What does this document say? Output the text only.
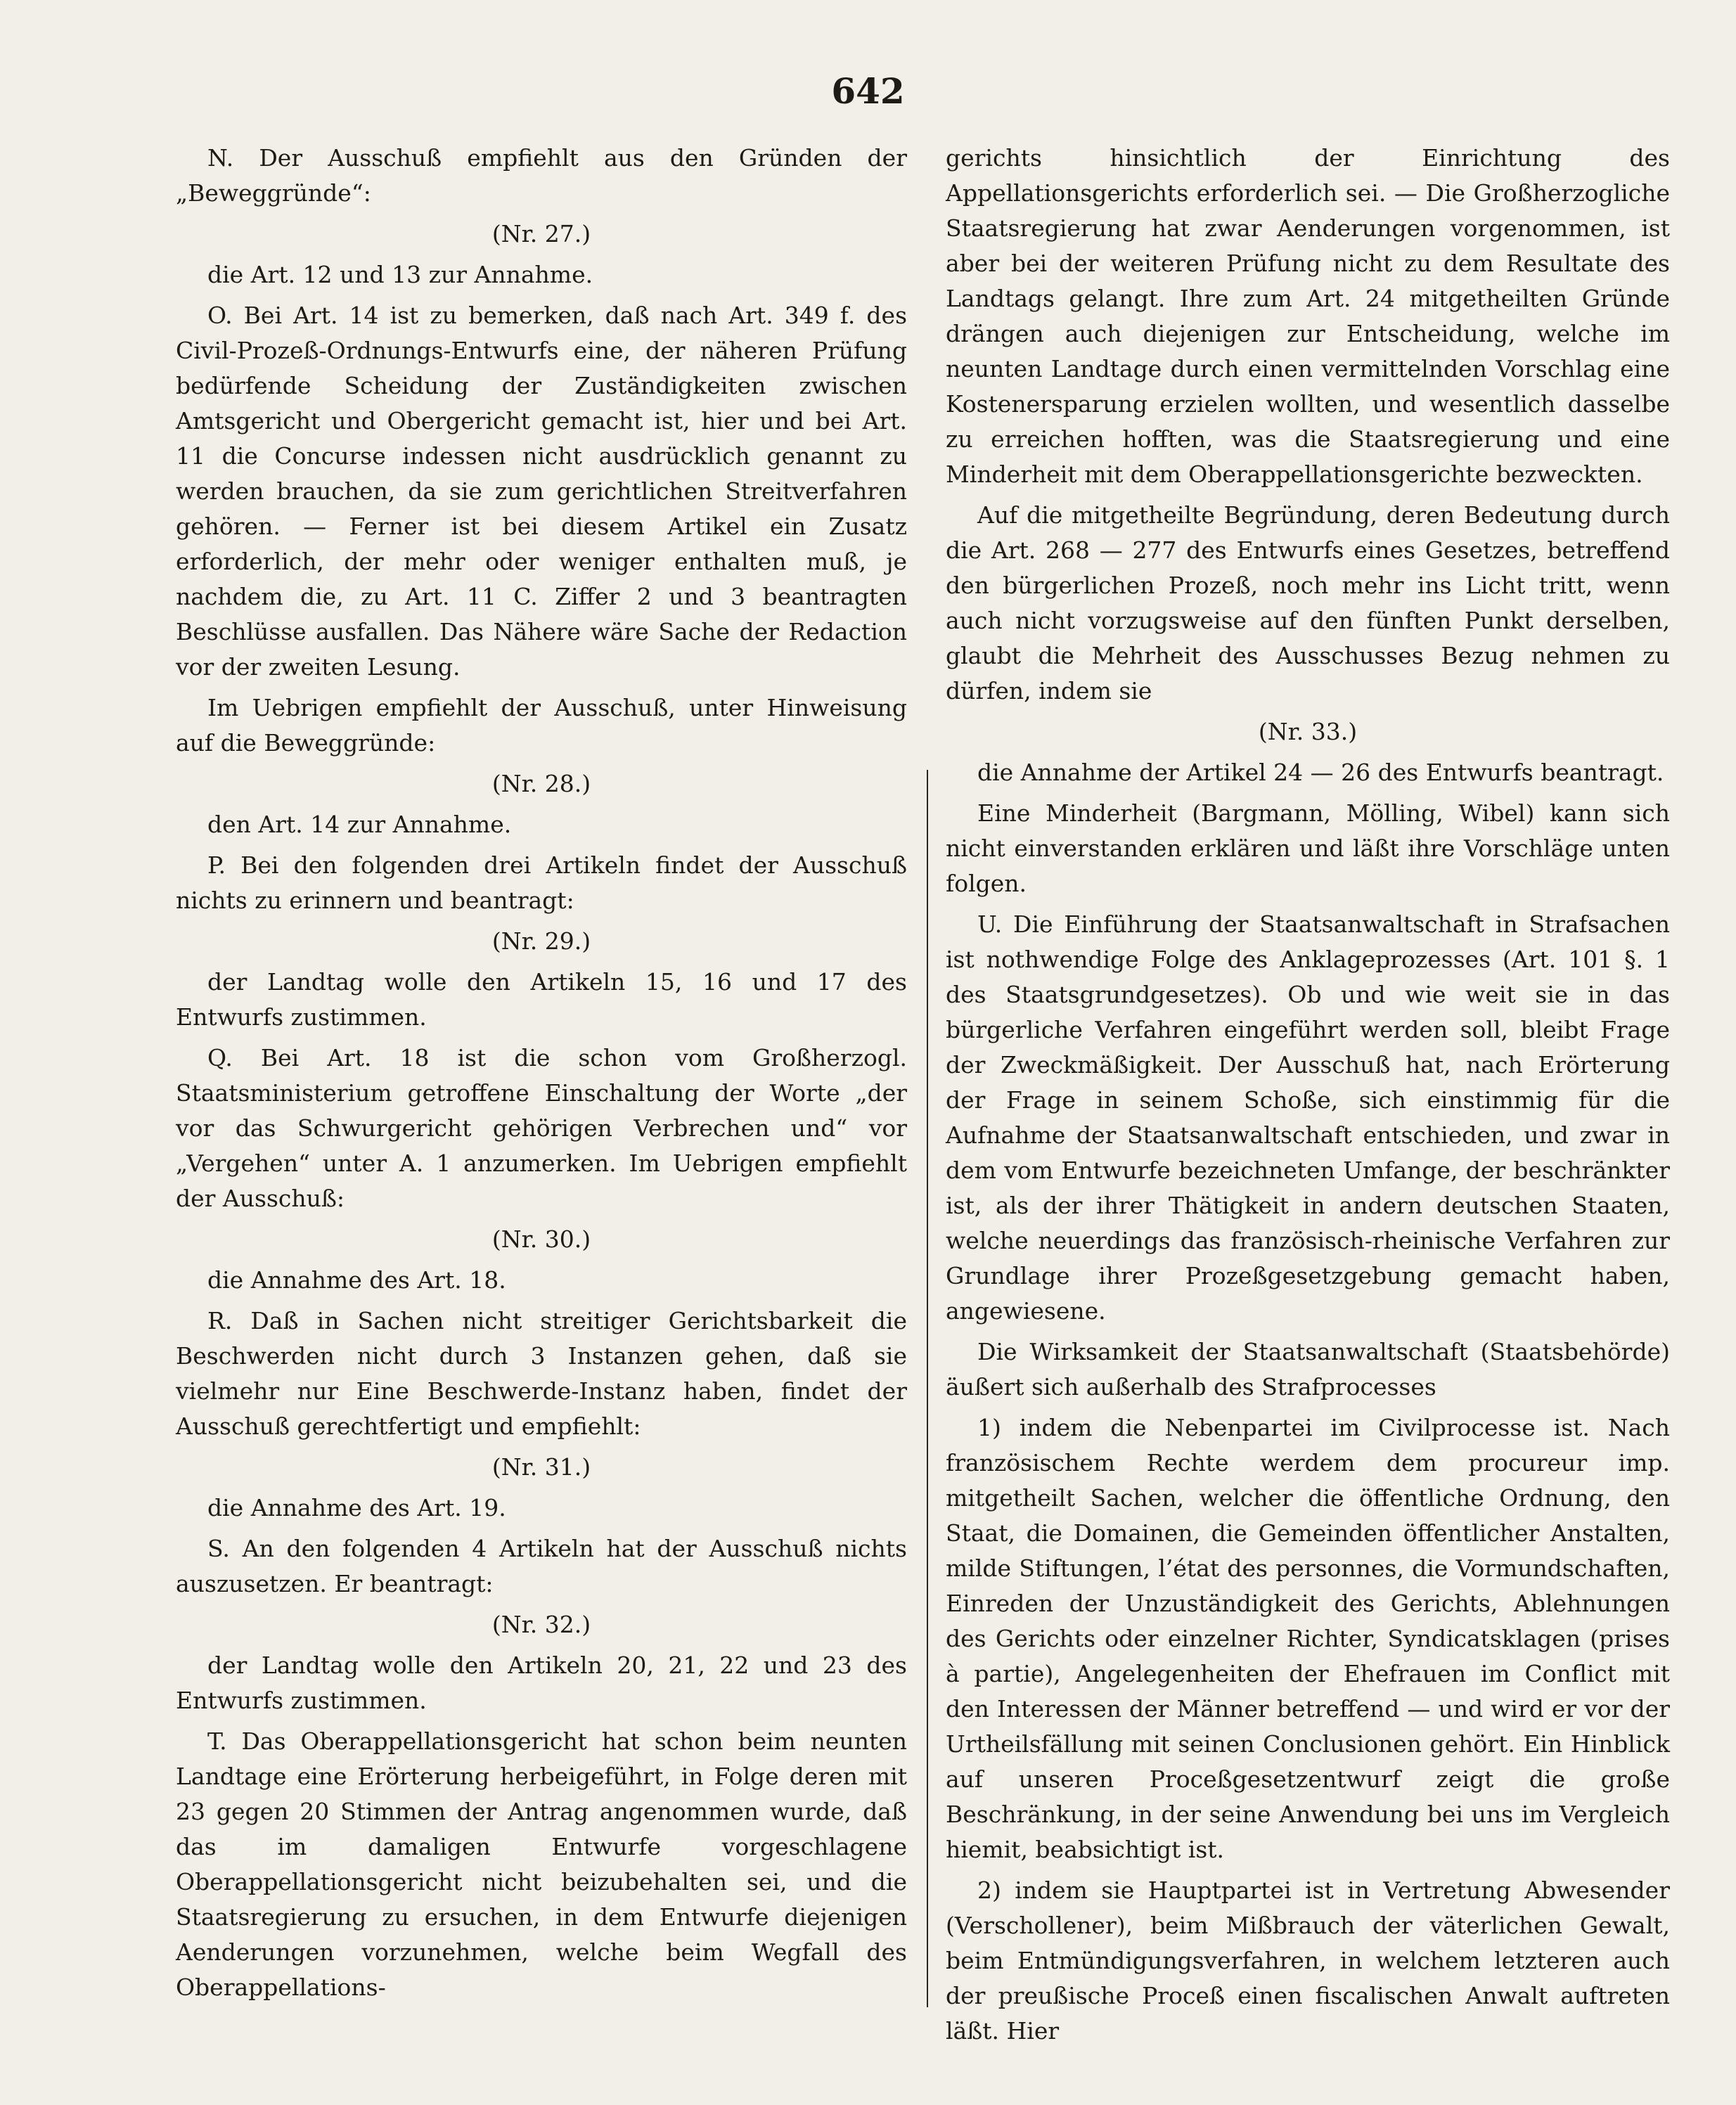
642

N. Der Ausschuß empfiehlt aus den Gründen der „Beweggründe“:

(Nr. 27.)

die Art. 12 und 13 zur Annahme.

O. Bei Art. 14 ist zu bemerken, daß nach Art. 349 f. des Civil-Prozeß-Ordnungs-Entwurfs eine, der näheren Prüfung bedürfende Scheidung der Zuständigkeiten zwischen Amtsgericht und Obergericht gemacht ist, hier und bei Art. 11 die Concurse indessen nicht ausdrücklich genannt zu werden brauchen, da sie zum gerichtlichen Streitverfahren gehören. — Ferner ist bei diesem Artikel ein Zusatz erforderlich, der mehr oder weniger enthalten muß, je nachdem die, zu Art. 11 C. Ziffer 2 und 3 beantragten Beschlüsse ausfallen. Das Nähere wäre Sache der Redaction vor der zweiten Lesung.

Im Uebrigen empfiehlt der Ausschuß, unter Hinweisung auf die Beweggründe:

(Nr. 28.)

den Art. 14 zur Annahme.

P. Bei den folgenden drei Artikeln findet der Ausschuß nichts zu erinnern und beantragt:

(Nr. 29.)

der Landtag wolle den Artikeln 15, 16 und 17 des Entwurfs zustimmen.

Q. Bei Art. 18 ist die schon vom Großherzogl. Staatsministerium getroffene Einschaltung der Worte „der vor das Schwurgericht gehörigen Verbrechen und“ vor „Vergehen“ unter A. 1 anzumerken. Im Uebrigen empfiehlt der Ausschuß:

(Nr. 30.)

die Annahme des Art. 18.

R. Daß in Sachen nicht streitiger Gerichtsbarkeit die Beschwerden nicht durch 3 Instanzen gehen, daß sie vielmehr nur Eine Beschwerde-Instanz haben, findet der Ausschuß gerechtfertigt und empfiehlt:

(Nr. 31.)

die Annahme des Art. 19.

S. An den folgenden 4 Artikeln hat der Ausschuß nichts auszusetzen. Er beantragt:

(Nr. 32.)

der Landtag wolle den Artikeln 20, 21, 22 und 23 des Entwurfs zustimmen.

T. Das Oberappellationsgericht hat schon beim neunten Landtage eine Erörterung herbeigeführt, in Folge deren mit 23 gegen 20 Stimmen der Antrag angenommen wurde, daß das im damaligen Entwurfe vorgeschlagene Oberappellationsgericht nicht beizubehalten sei, und die Staatsregierung zu ersuchen, in dem Entwurfe diejenigen Aenderungen vorzunehmen, welche beim Wegfall des Oberappellations-

gerichts hinsichtlich der Einrichtung des Appellationsgerichts erforderlich sei. — Die Großherzogliche Staatsregierung hat zwar Aenderungen vorgenommen, ist aber bei der weiteren Prüfung nicht zu dem Resultate des Landtags gelangt. Ihre zum Art. 24 mitgetheilten Gründe drängen auch diejenigen zur Entscheidung, welche im neunten Landtage durch einen vermittelnden Vorschlag eine Kostenersparung erzielen wollten, und wesentlich dasselbe zu erreichen hofften, was die Staatsregierung und eine Minderheit mit dem Oberappellationsgerichte bezweckten.

Auf die mitgetheilte Begründung, deren Bedeutung durch die Art. 268 — 277 des Entwurfs eines Gesetzes, betreffend den bürgerlichen Prozeß, noch mehr ins Licht tritt, wenn auch nicht vorzugsweise auf den fünften Punkt derselben, glaubt die Mehrheit des Ausschusses Bezug nehmen zu dürfen, indem sie

(Nr. 33.)

die Annahme der Artikel 24 — 26 des Entwurfs beantragt.

Eine Minderheit (Bargmann, Mölling, Wibel) kann sich nicht einverstanden erklären und läßt ihre Vorschläge unten folgen.

U. Die Einführung der Staatsanwaltschaft in Strafsachen ist nothwendige Folge des Anklageprozesses (Art. 101 §. 1 des Staatsgrundgesetzes). Ob und wie weit sie in das bürgerliche Verfahren eingeführt werden soll, bleibt Frage der Zweckmäßigkeit. Der Ausschuß hat, nach Erörterung der Frage in seinem Schoße, sich einstimmig für die Aufnahme der Staatsanwaltschaft entschieden, und zwar in dem vom Entwurfe bezeichneten Umfange, der beschränkter ist, als der ihrer Thätigkeit in andern deutschen Staaten, welche neuerdings das französisch-rheinische Verfahren zur Grundlage ihrer Prozeßgesetzgebung gemacht haben, angewiesene.

Die Wirksamkeit der Staatsanwaltschaft (Staatsbehörde) äußert sich außerhalb des Strafprocesses

1) indem die Nebenpartei im Civilprocesse ist. Nach französischem Rechte werdem dem procureur imp. mitgetheilt Sachen, welcher die öffentliche Ordnung, den Staat, die Domainen, die Gemeinden öffentlicher Anstalten, milde Stiftungen, l’état des personnes, die Vormundschaften, Einreden der Unzuständigkeit des Gerichts, Ablehnungen des Gerichts oder einzelner Richter, Syndicatsklagen (prises à partie), Angelegenheiten der Ehefrauen im Conflict mit den Interessen der Männer betreffend — und wird er vor der Urtheilsfällung mit seinen Conclusionen gehört. Ein Hinblick auf unseren Proceßgesetzentwurf zeigt die große Beschränkung, in der seine Anwendung bei uns im Vergleich hiemit, beabsichtigt ist.

2) indem sie Hauptpartei ist in Vertretung Abwesender (Verschollener), beim Mißbrauch der väterlichen Gewalt, beim Entmündigungsverfahren, in welchem letzteren auch der preußische Proceß einen fiscalischen Anwalt auftreten läßt. Hier
